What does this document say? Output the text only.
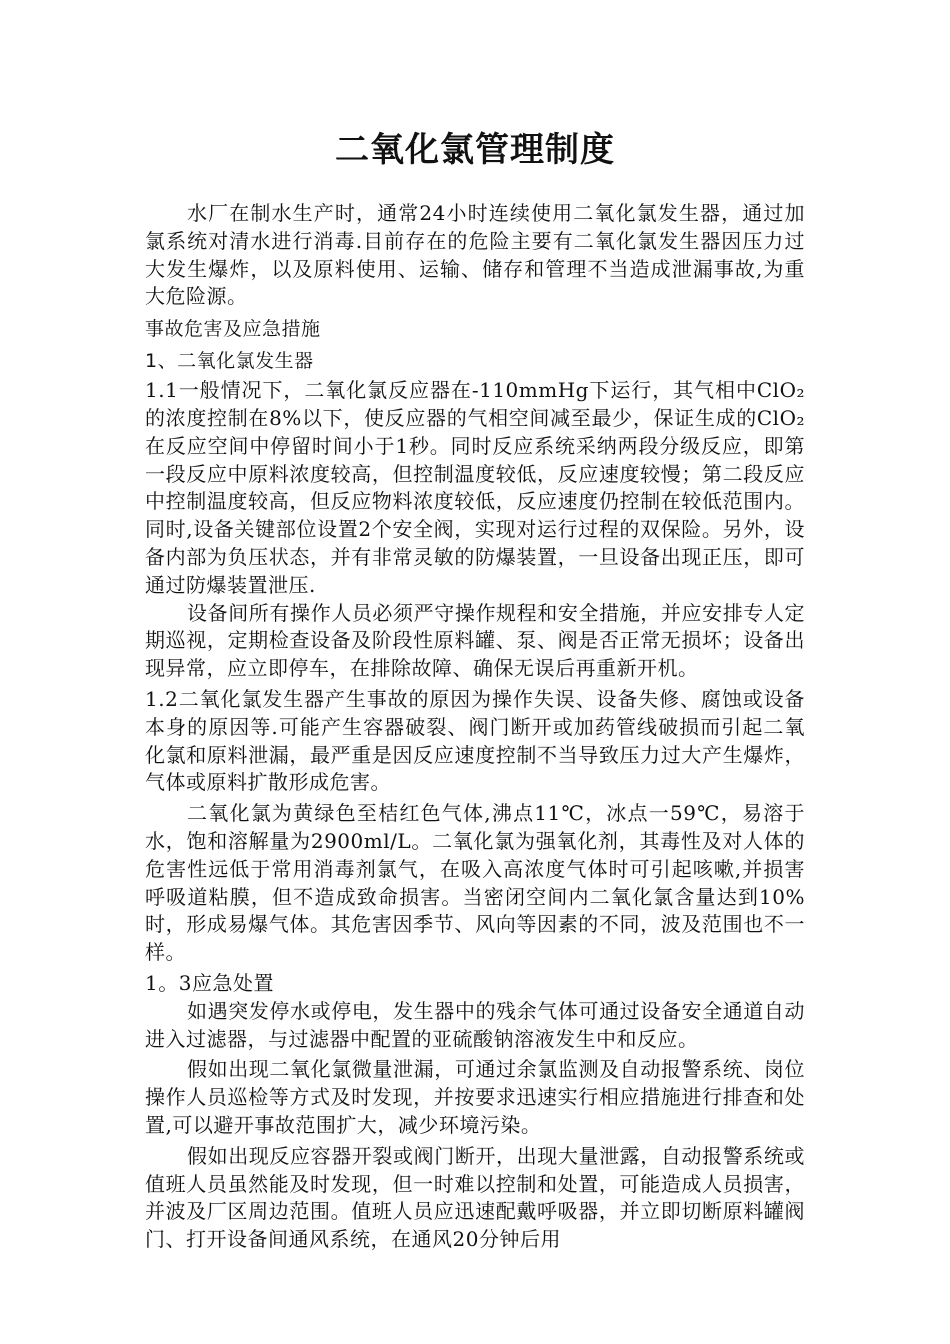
二氧化氯管理制度

水厂在制水生产时，通常24小时连续使用二氧化氯发生器，通过加氯系统对清水进行消毒.目前存在的危险主要有二氧化氯发生器因压力过大发生爆炸，以及原料使用、运输、储存和管理不当造成泄漏事故,为重大危险源。

事故危害及应急措施

1、二氧化氯发生器

1.1一般情况下，二氧化氯反应器在-110mmHg下运行，其气相中ClO₂的浓度控制在8%以下，使反应器的气相空间减至最少，保证生成的ClO₂在反应空间中停留时间小于1秒。同时反应系统采纳两段分级反应，即第一段反应中原料浓度较高，但控制温度较低，反应速度较慢；第二段反应中控制温度较高，但反应物料浓度较低，反应速度仍控制在较低范围内。同时,设备关键部位设置2个安全阀，实现对运行过程的双保险。另外，设备内部为负压状态，并有非常灵敏的防爆装置，一旦设备出现正压，即可通过防爆装置泄压.

设备间所有操作人员必须严守操作规程和安全措施，并应安排专人定期巡视，定期检查设备及阶段性原料罐、泵、阀是否正常无损坏；设备出现异常，应立即停车，在排除故障、确保无误后再重新开机。

1.2二氧化氯发生器产生事故的原因为操作失误、设备失修、腐蚀或设备本身的原因等.可能产生容器破裂、阀门断开或加药管线破损而引起二氧化氯和原料泄漏，最严重是因反应速度控制不当导致压力过大产生爆炸，气体或原料扩散形成危害。

二氧化氯为黄绿色至桔红色气体,沸点11℃，冰点一59℃，易溶于水，饱和溶解量为2900ml/L。二氧化氯为强氧化剂，其毒性及对人体的危害性远低于常用消毒剂氯气，在吸入高浓度气体时可引起咳嗽,并损害呼吸道粘膜，但不造成致命损害。当密闭空间内二氧化氯含量达到10%时，形成易爆气体。其危害因季节、风向等因素的不同，波及范围也不一样。

1。3应急处置

如遇突发停水或停电，发生器中的残余气体可通过设备安全通道自动进入过滤器，与过滤器中配置的亚硫酸钠溶液发生中和反应。

假如出现二氧化氯微量泄漏，可通过余氯监测及自动报警系统、岗位操作人员巡检等方式及时发现，并按要求迅速实行相应措施进行排查和处置,可以避开事故范围扩大，减少环境污染。

假如出现反应容器开裂或阀门断开，出现大量泄露，自动报警系统或值班人员虽然能及时发现，但一时难以控制和处置，可能造成人员损害，并波及厂区周边范围。值班人员应迅速配戴呼吸器，并立即切断原料罐阀门、打开设备间通风系统，在通风20分钟后用
